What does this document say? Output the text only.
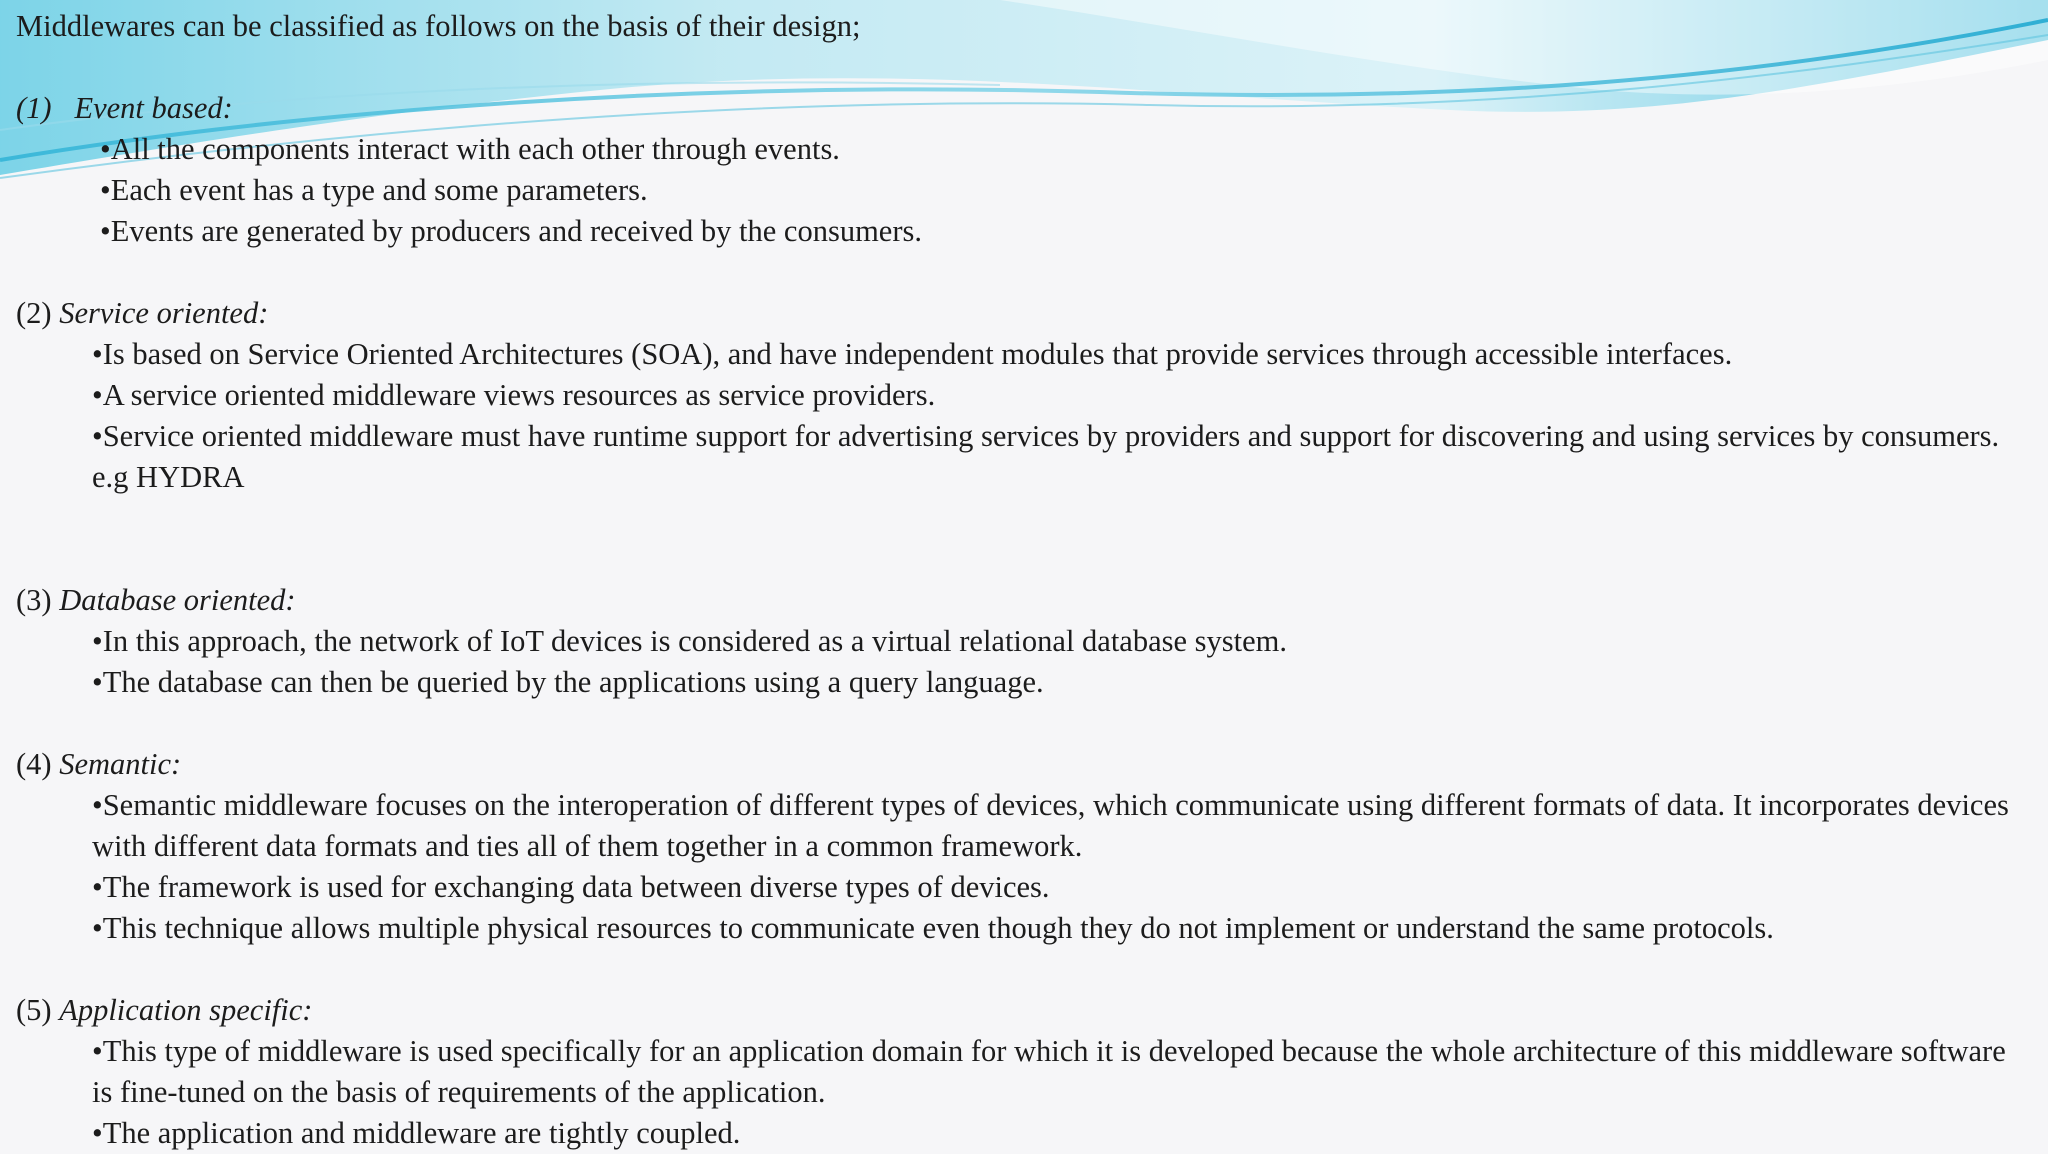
Middlewares can be classified as follows on the basis of their design;

(1) Event based:

•All the components interact with each other through events.
•Each event has a type and some parameters.
•Events are generated by producers and received by the consumers.

(2) Service oriented:

•Is based on Service Oriented Architectures (SOA), and have independent modules that provide services through accessible interfaces.
•A service oriented middleware views resources as service providers.
•Service oriented middleware must have runtime support for advertising services by providers and support for discovering and using services by consumers. e.g HYDRA

(3) Database oriented:

•In this approach, the network of IoT devices is considered as a virtual relational database system.
•The database can then be queried by the applications using a query language.

(4) Semantic:

•Semantic middleware focuses on the interoperation of different types of devices, which communicate using different formats of data. It incorporates devices with different data formats and ties all of them together in a common framework.
•The framework is used for exchanging data between diverse types of devices.
•This technique allows multiple physical resources to communicate even though they do not implement or understand the same protocols.

(5) Application specific:

•This type of middleware is used specifically for an application domain for which it is developed because the whole architecture of this middleware software is fine-tuned on the basis of requirements of the application.
•The application and middleware are tightly coupled.
